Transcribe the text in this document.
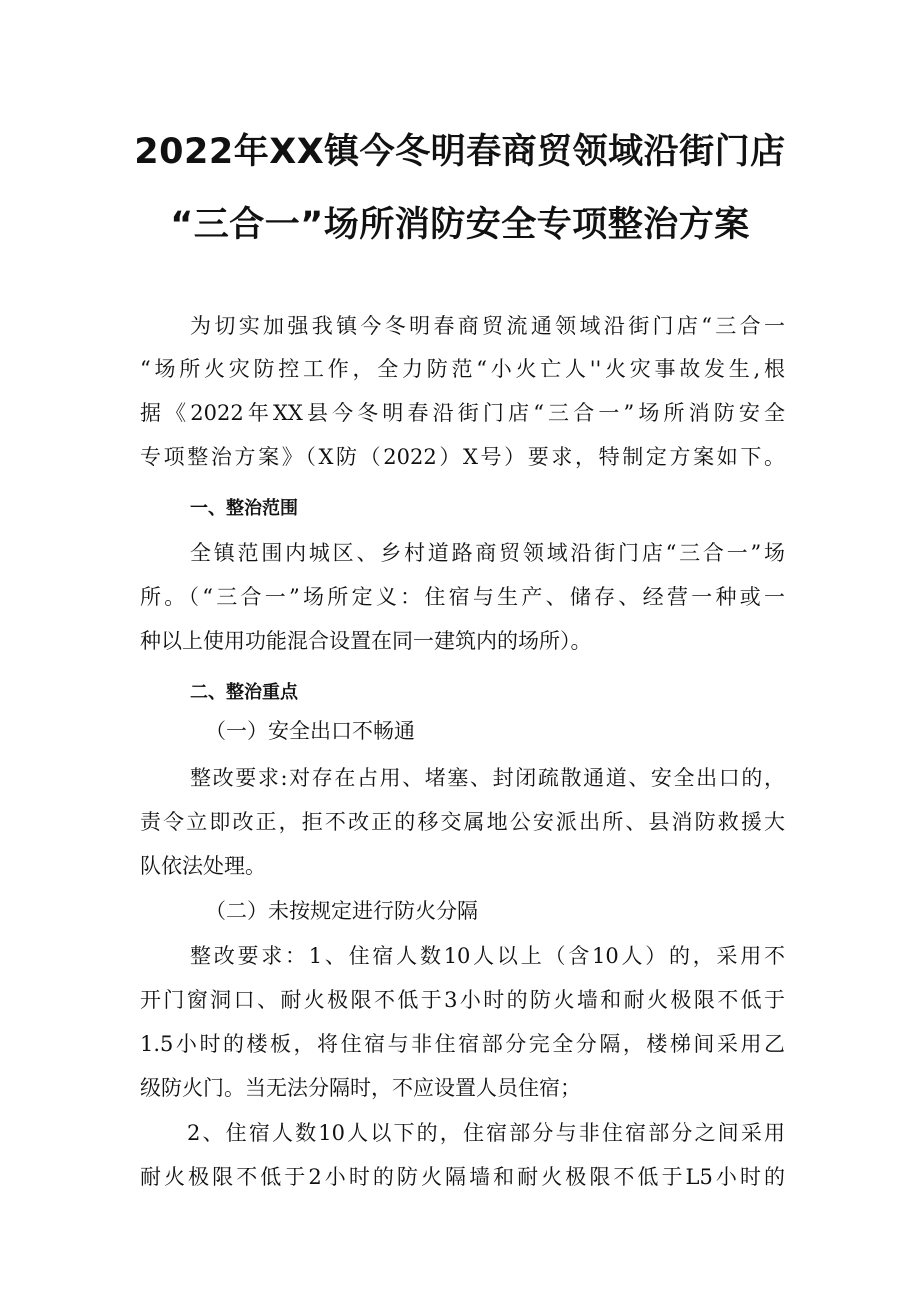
2022年XX镇今冬明春商贸领域沿街门店
“三合一”场所消防安全专项整治方案
为切实加强我镇今冬明春商贸流通领域沿街门店“三合一
“场所火灾防控工作，全力防范“小火亡人''火灾事故发生,根
据《2022年XX县今冬明春沿街门店“三合一”场所消防安全
专项整治方案》（X防（2022）X号）要求，特制定方案如下。
一、整治范围
全镇范围内城区、乡村道路商贸领域沿街门店“三合一”场
所。（“三合一”场所定义：住宿与生产、储存、经营一种或一
种以上使用功能混合设置在同一建筑内的场所）。
二、整治重点
（一）安全出口不畅通
整改要求:对存在占用、堵塞、封闭疏散通道、安全出口的，
责令立即改正，拒不改正的移交属地公安派出所、县消防救援大
队依法处理。
（二）未按规定进行防火分隔
整改要求：1、住宿人数10人以上（含10人）的，采用不
开门窗洞口、耐火极限不低于3小时的防火墙和耐火极限不低于
1.5小时的楼板，将住宿与非住宿部分完全分隔，楼梯间采用乙
级防火门。当无法分隔时，不应设置人员住宿；
2、住宿人数10人以下的，住宿部分与非住宿部分之间采用
耐火极限不低于2小时的防火隔墙和耐火极限不低于L5小时的
